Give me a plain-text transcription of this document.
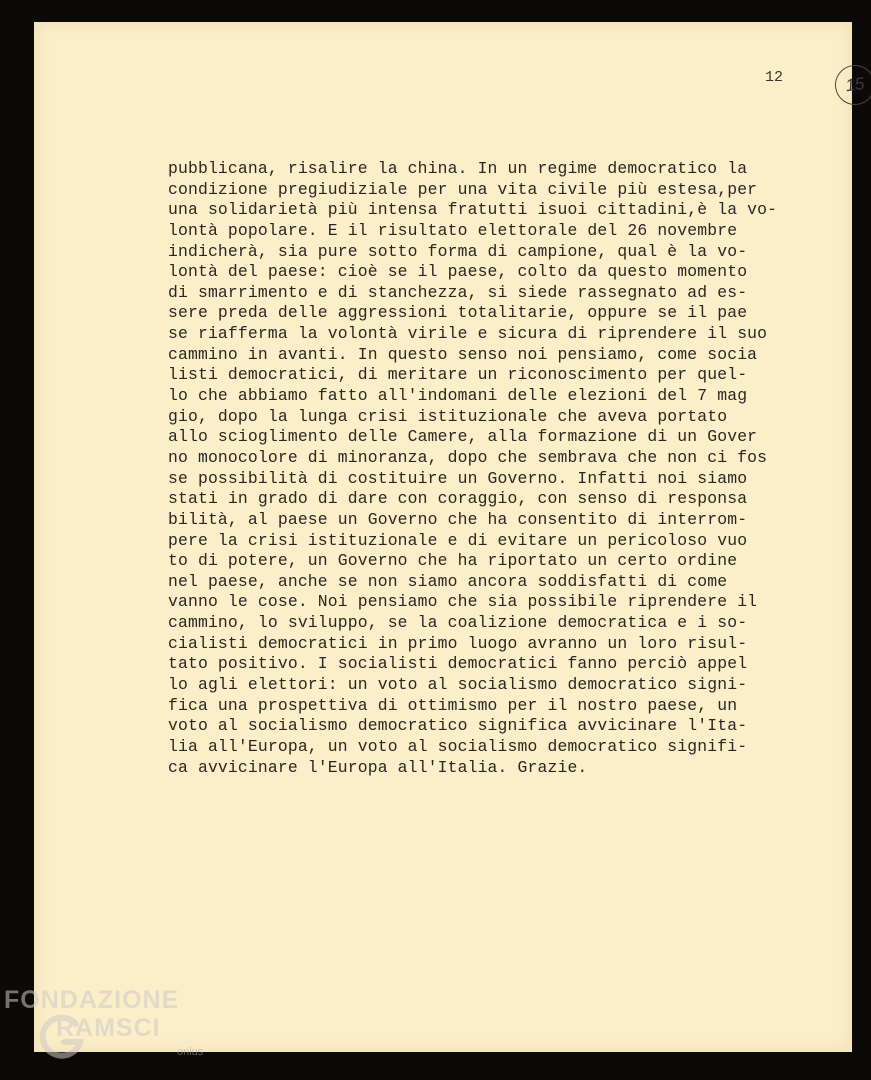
15
12
pubblicana, risalire la china. In un regime democratico la
condizione pregiudiziale per una vita civile più estesa,per
una solidarietà più intensa fratutti isuoi cittadini,è la vo-
lontà popolare. E il risultato elettorale del 26 novembre
indicherà, sia pure sotto forma di campione, qual è la vo-
lontà del paese: cioè se il paese, colto da questo momento
di smarrimento e di stanchezza, si siede rassegnato ad es-
sere preda delle aggressioni totalitarie, oppure se il pae
se riafferma la volontà virile e sicura di riprendere il suo
cammino in avanti. In questo senso noi pensiamo, come socia
listi democratici, di meritare un riconoscimento per quel-
lo che abbiamo fatto all'indomani delle elezioni del 7 mag
gio, dopo la lunga crisi istituzionale che aveva portato
allo scioglimento delle Camere, alla formazione di un Gover
no monocolore di minoranza, dopo che sembrava che non ci fos
se possibilità di costituire un Governo. Infatti noi siamo
stati in grado di dare con coraggio, con senso di responsa
bilità, al paese un Governo che ha consentito di interrom-
pere la crisi istituzionale e di evitare un pericoloso vuo
to di potere, un Governo che ha riportato un certo ordine
nel paese, anche se non siamo ancora soddisfatti di come
vanno le cose. Noi pensiamo che sia possibile riprendere il
cammino, lo sviluppo, se la coalizione democratica e i so-
cialisti democratici in primo luogo avranno un loro risul-
tato positivo. I socialisti democratici fanno perciò appel
lo agli elettori: un voto al socialismo democratico signi-
fica una prospettiva di ottimismo per il nostro paese, un
voto al socialismo democratico significa avvicinare l'Ita-
lia all'Europa, un voto al socialismo democratico signifi-
ca avvicinare l'Europa all'Italia. Grazie.
FONDAZIONE
RAMSCI
onlus
